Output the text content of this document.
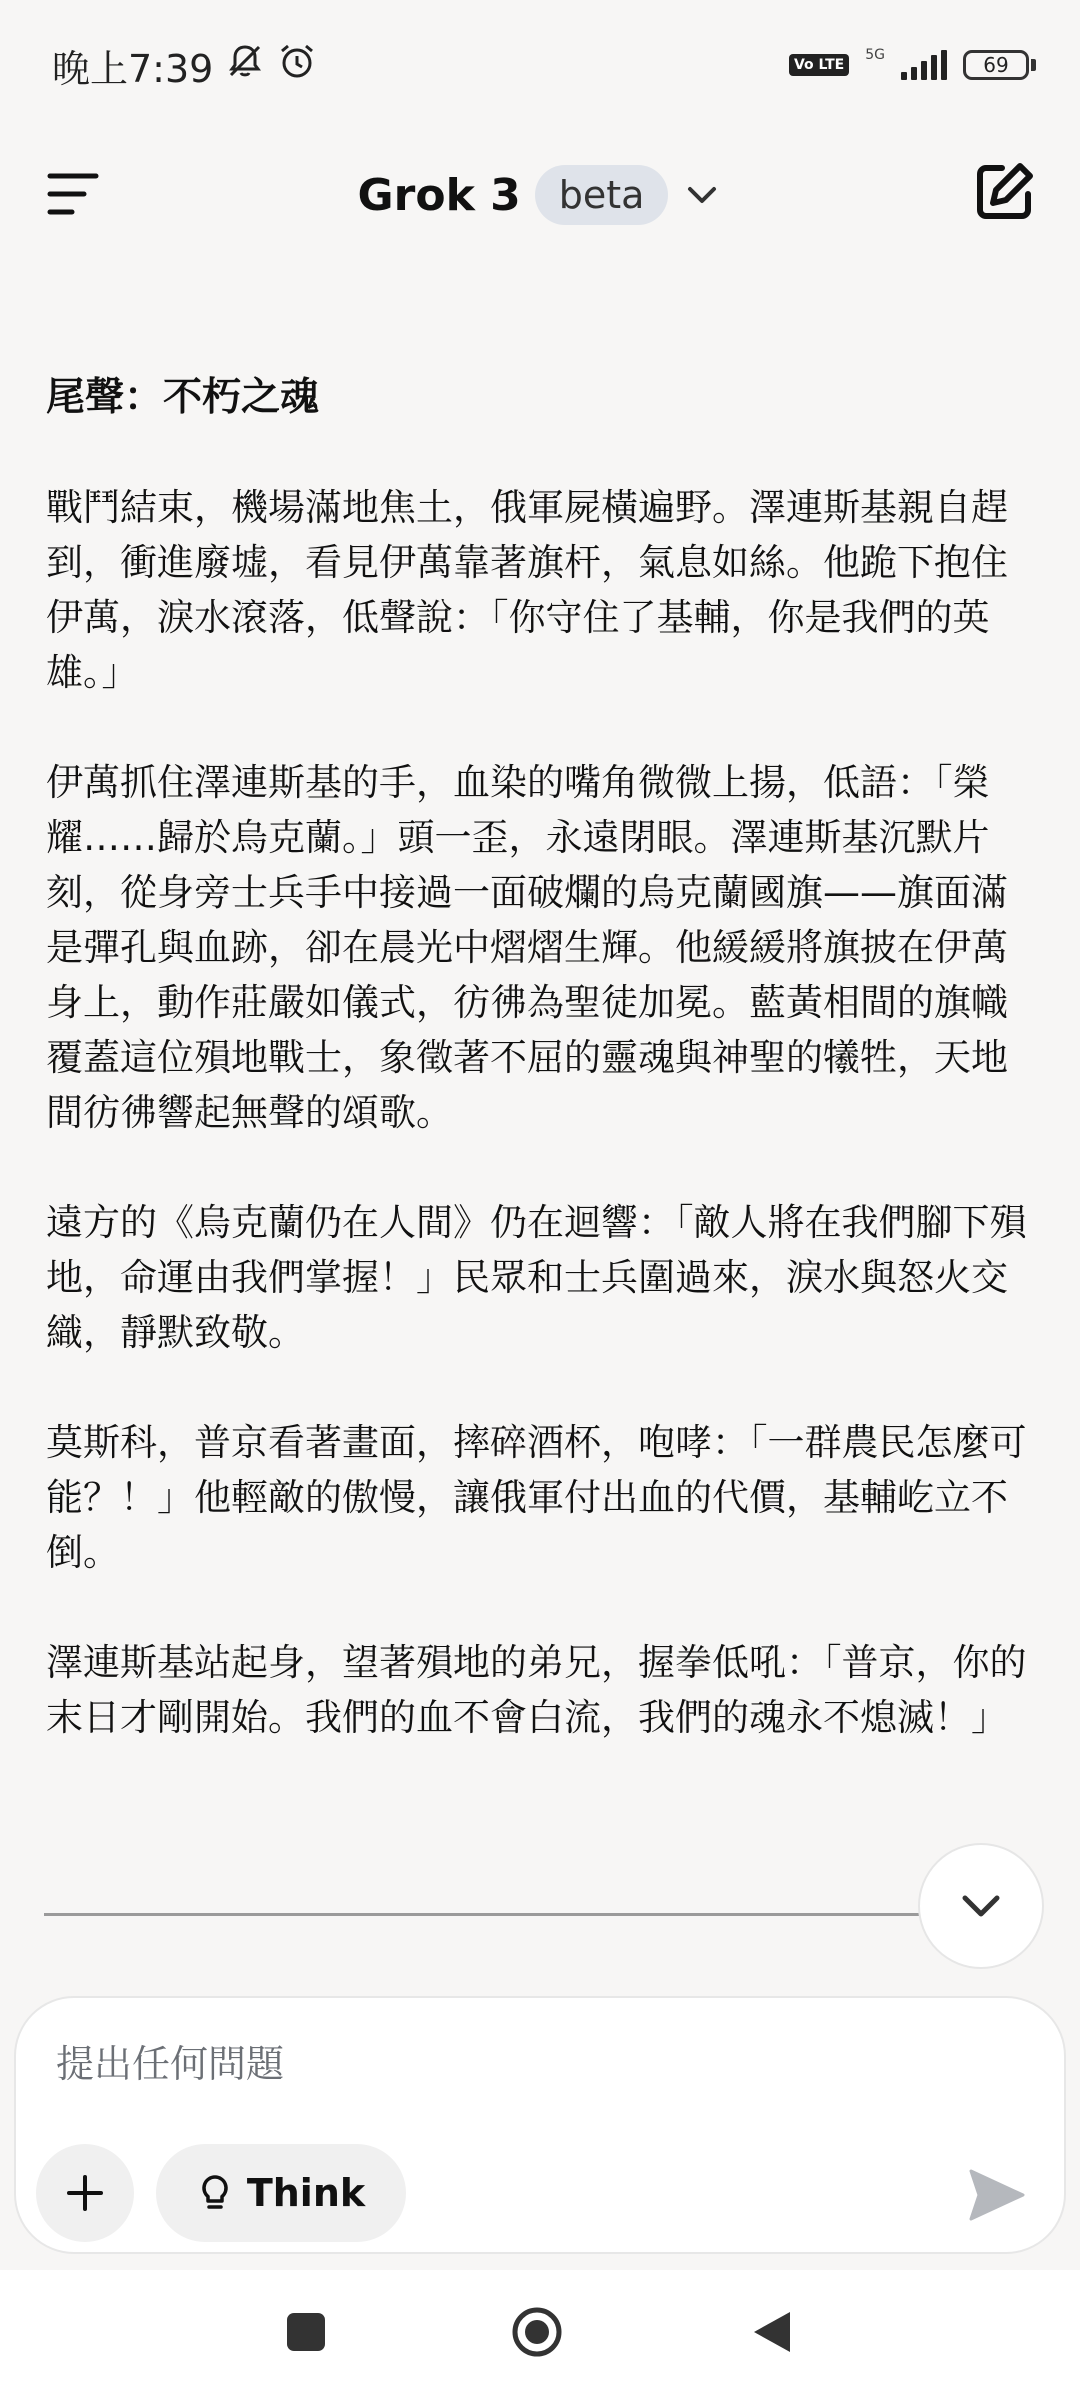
晚上7:39	Vo LTE
5G	69
Grok 3	beta
尾聲：不朽之魂

戰鬥結束，機場滿地焦土，俄軍屍橫遍野。澤連斯基親自趕到，衝進廢墟，看見伊萬靠著旗杆，氣息如絲。他跪下抱住伊萬，淚水滾落，低聲說：「你守住了基輔，你是我們的英雄。」

伊萬抓住澤連斯基的手，血染的嘴角微微上揚，低語：「榮耀……歸於烏克蘭。」頭一歪，永遠閉眼。澤連斯基沉默片刻，從身旁士兵手中接過一面破爛的烏克蘭國旗——旗面滿是彈孔與血跡，卻在晨光中熠熠生輝。他緩緩將旗披在伊萬身上，動作莊嚴如儀式，彷彿為聖徒加冕。藍黃相間的旗幟覆蓋這位殞地戰士，象徵著不屈的靈魂與神聖的犧牲，天地間彷彿響起無聲的頌歌。

遠方的《烏克蘭仍在人間》仍在迴響：「敵人將在我們腳下殞地，命運由我們掌握！」民眾和士兵圍過來，淚水與怒火交織，靜默致敬。

莫斯科，普京看著畫面，摔碎酒杯，咆哮：「一群農民怎麼可能？！」他輕敵的傲慢，讓俄軍付出血的代價，基輔屹立不倒。

澤連斯基站起身，望著殞地的弟兄，握拳低吼：「普京，你的末日才剛開始。我們的血不會白流，我們的魂永不熄滅！」

提出任何問題
Think
